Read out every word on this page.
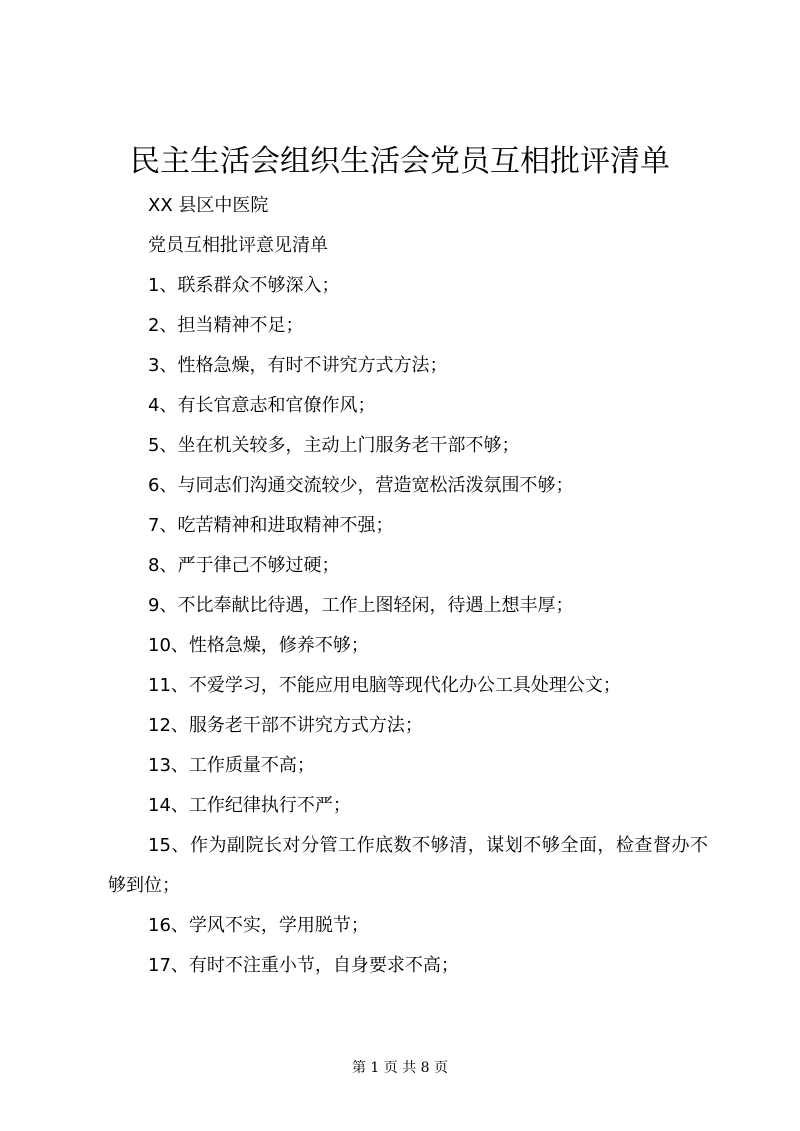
民主生活会组织生活会党员互相批评清单

XX 县区中医院

党员互相批评意见清单

1、联系群众不够深入；

2、担当精神不足；

3、性格急燥，有时不讲究方式方法；

4、有长官意志和官僚作风；

5、坐在机关较多，主动上门服务老干部不够；

6、与同志们沟通交流较少，营造宽松活泼氛围不够；

7、吃苦精神和进取精神不强；

8、严于律己不够过硬；

9、不比奉献比待遇，工作上图轻闲，待遇上想丰厚；

10、性格急燥，修养不够；

11、不爱学习，不能应用电脑等现代化办公工具处理公文；

12、服务老干部不讲究方式方法；

13、工作质量不高；

14、工作纪律执行不严；

15、作为副院长对分管工作底数不够清，谋划不够全面，检查督办不够到位；

16、学风不实，学用脱节；

17、有时不注重小节，自身要求不高；

第 1 页 共 8 页
